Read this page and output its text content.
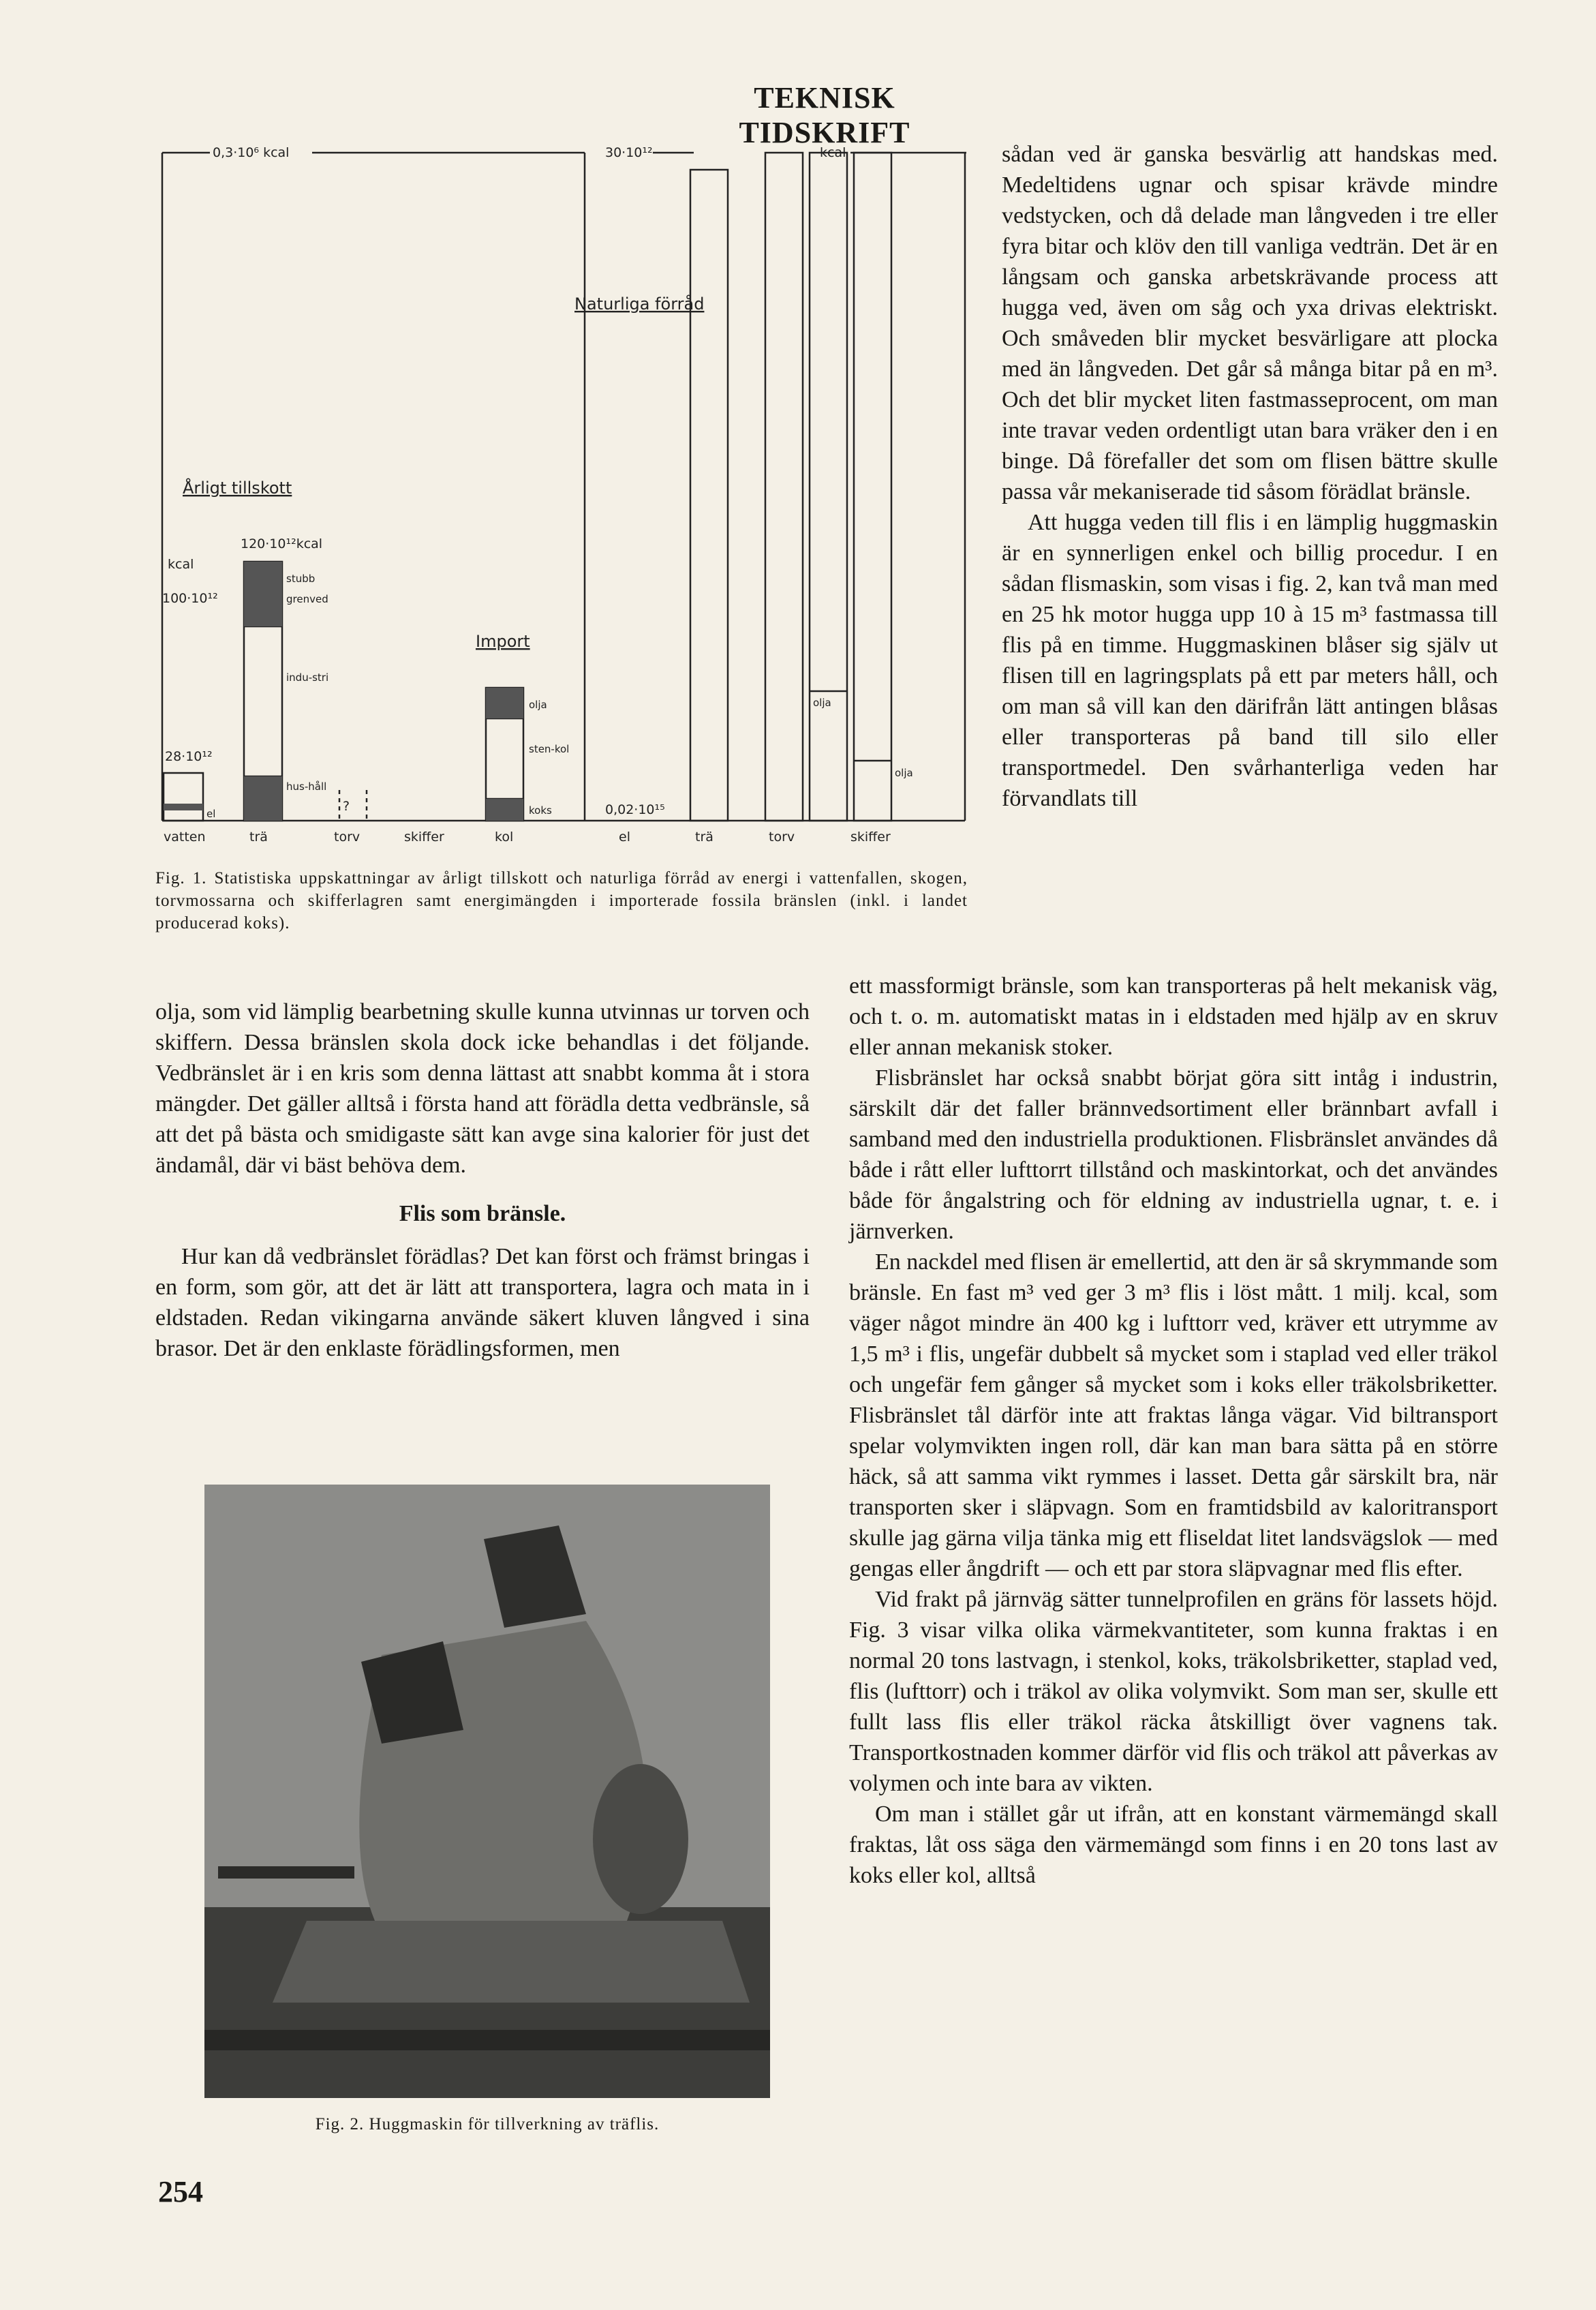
TEKNISK TIDSKRIFT
0,3·10⁶ kcal	30·10¹²	kcal
Årligt tillskott
Naturliga förråd
Import
kcal
100·10¹²
120·10¹²kcal
28·10¹²
0,02·10¹⁵
stubb
grenved
indu-stri
hus-håll
?
el
olja
sten-kol
koks
olja
olja
vatten	trä	torv	skiffer	kol	el	trä	torv	skiffer
Fig. 1. Statistiska uppskattningar av årligt tillskott och naturliga förråd av energi i vattenfallen, skogen, torvmossarna och skifferlagren samt energimängden i importerade fossila bränslen (inkl. i landet producerad koks).

sådan ved är ganska besvärlig att handskas med. Medeltidens ugnar och spisar krävde mindre vedstycken, och då delade man långveden i tre eller fyra bitar och klöv den till vanliga vedträn. Det är en långsam och ganska arbetskrävande process att hugga ved, även om såg och yxa drivas elektriskt. Och småveden blir mycket besvärligare att plocka med än långveden. Det går så många bitar på en m³. Och det blir mycket liten fastmasseprocent, om man inte travar veden ordentligt utan bara vräker den i en binge. Då förefaller det som om flisen bättre skulle passa vår mekaniserade tid såsom förädlat bränsle.

Att hugga veden till flis i en lämplig huggmaskin är en synnerligen enkel och billig procedur. I en sådan flismaskin, som visas i fig. 2, kan två man med en 25 hk motor hugga upp 10 à 15 m³ fastmassa till flis på en timme. Huggmaskinen blåser sig själv ut flisen till en lagringsplats på ett par meters håll, och om man så vill kan den därifrån lätt antingen blåsas eller transporteras på band till silo eller transportmedel. Den svårhanterliga veden har förvandlats till

ett massformigt bränsle, som kan transporteras på helt mekanisk väg, och t. o. m. automatiskt matas in i eldstaden med hjälp av en skruv eller annan mekanisk stoker.

Flisbränslet har också snabbt börjat göra sitt intåg i industrin, särskilt där det faller brännvedsortiment eller brännbart avfall i samband med den industriella produktionen. Flisbränslet användes då både i rått eller lufttorrt tillstånd och maskintorkat, och det användes både för ångalstring och för eldning av industriella ugnar, t. e. i järnverken.

En nackdel med flisen är emellertid, att den är så skrymmande som bränsle. En fast m³ ved ger 3 m³ flis i löst mått. 1 milj. kcal, som väger något mindre än 400 kg i lufttorr ved, kräver ett utrymme av 1,5 m³ i flis, ungefär dubbelt så mycket som i staplad ved eller träkol och ungefär fem gånger så mycket som i koks eller träkolsbriketter. Flisbränslet tål därför inte att fraktas långa vägar. Vid biltransport spelar volymvikten ingen roll, där kan man bara sätta på en större häck, så att samma vikt rymmes i lasset. Detta går särskilt bra, när transporten sker i släpvagn. Som en framtidsbild av kaloritransport skulle jag gärna vilja tänka mig ett fliseldat litet landsvägslok — med gengas eller ångdrift — och ett par stora släpvagnar med flis efter.

Vid frakt på järnväg sätter tunnelprofilen en gräns för lassets höjd. Fig. 3 visar vilka olika värmekvantiteter, som kunna fraktas i en normal 20 tons lastvagn, i stenkol, koks, träkolsbriketter, staplad ved, flis (lufttorr) och i träkol av olika volymvikt. Som man ser, skulle ett fullt lass flis eller träkol räcka åtskilligt över vagnens tak. Transportkostnaden kommer därför vid flis och träkol att påverkas av volymen och inte bara av vikten.

Om man i stället går ut ifrån, att en konstant värmemängd skall fraktas, låt oss säga den värmemängd som finns i en 20 tons last av koks eller kol, alltså

olja, som vid lämplig bearbetning skulle kunna utvinnas ur torven och skiffern. Dessa bränslen skola dock icke behandlas i det följande. Vedbränslet är i en kris som denna lättast att snabbt komma åt i stora mängder. Det gäller alltså i första hand att förädla detta vedbränsle, så att det på bästa och smidigaste sätt kan avge sina kalorier för just det ändamål, där vi bäst behöva dem.

Flis som bränsle.

Hur kan då vedbränslet förädlas? Det kan först och främst bringas i en form, som gör, att det är lätt att transportera, lagra och mata in i eldstaden. Redan vikingarna använde säkert kluven långved i sina brasor. Det är den enklaste förädlingsformen, men

Fig. 2. Huggmaskin för tillverkning av träflis.
254
